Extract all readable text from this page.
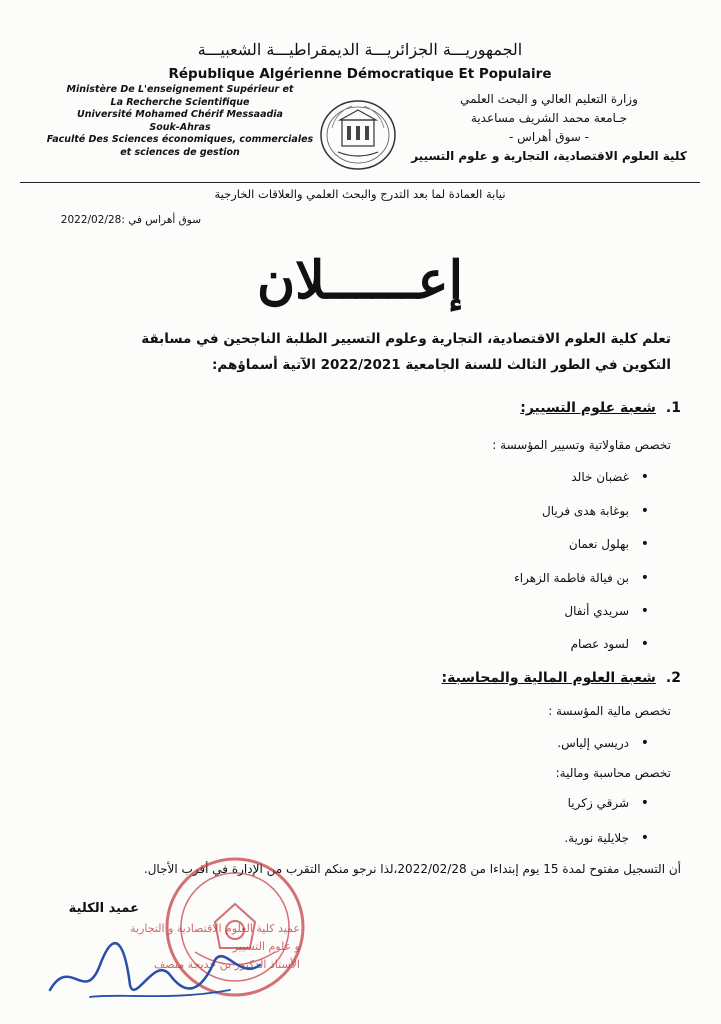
الجمهوريـــة الجزائريـــة الديمقراطيـــة الشعبيـــة
République Algérienne Démocratique Et Populaire
Ministère De L'enseignement Supérieur et
La Recherche Scientifique
Université Mohamed Chérif Messaadia
Souk-Ahras
Faculté Des Sciences économiques, commerciales
et sciences de gestion
وزارة التعليم العالي و البحث العلمي
جـامعة محمد الشريف مساعدية
- سوق أهراس -
كلية العلوم الاقتصادية، التجارية و علوم التسيير
نيابة العمادة لما بعد التدرج والبحث العلمي والعلاقات الخارجية
سوق أهراس في :2022/02/28
إعــــــلان
تعلم كلية العلوم الاقتصادية، التجارية وعلوم التسيير الطلبة الناجحين في مسابقة
التكوين في الطور الثالث للسنة الجامعية 2022/2021 الآتية أسماؤهم:
1.شعبة علوم التسيير:
تخصص مقاولاتية وتسيير المؤسسة :
•
غضبان خالد
•
بوغابة هدى فريال
•
بهلول نعمان
•
بن فيالة فاطمة الزهراء
•
سريدي أنفال
•
لسود عصام
2.شعبة العلوم المالية والمحاسبة:
تخصص مالية المؤسسة :
•
دريسي إلياس.
تخصص محاسبة ومالية:
•
شرقي زكريا
•
جلايلية نورية.
أن التسجيل مفتوح لمدة 15 يوم إبتداءا من 2022/02/28،لذا نرجو منكم التقرب من الإدارة في أقرب الأجال.
عميد الكلية
عميد كلية العلوم الاقتصادية و التجارية
و علوم التسيير
الأستاذ الدكتور بن خديجة منصف
